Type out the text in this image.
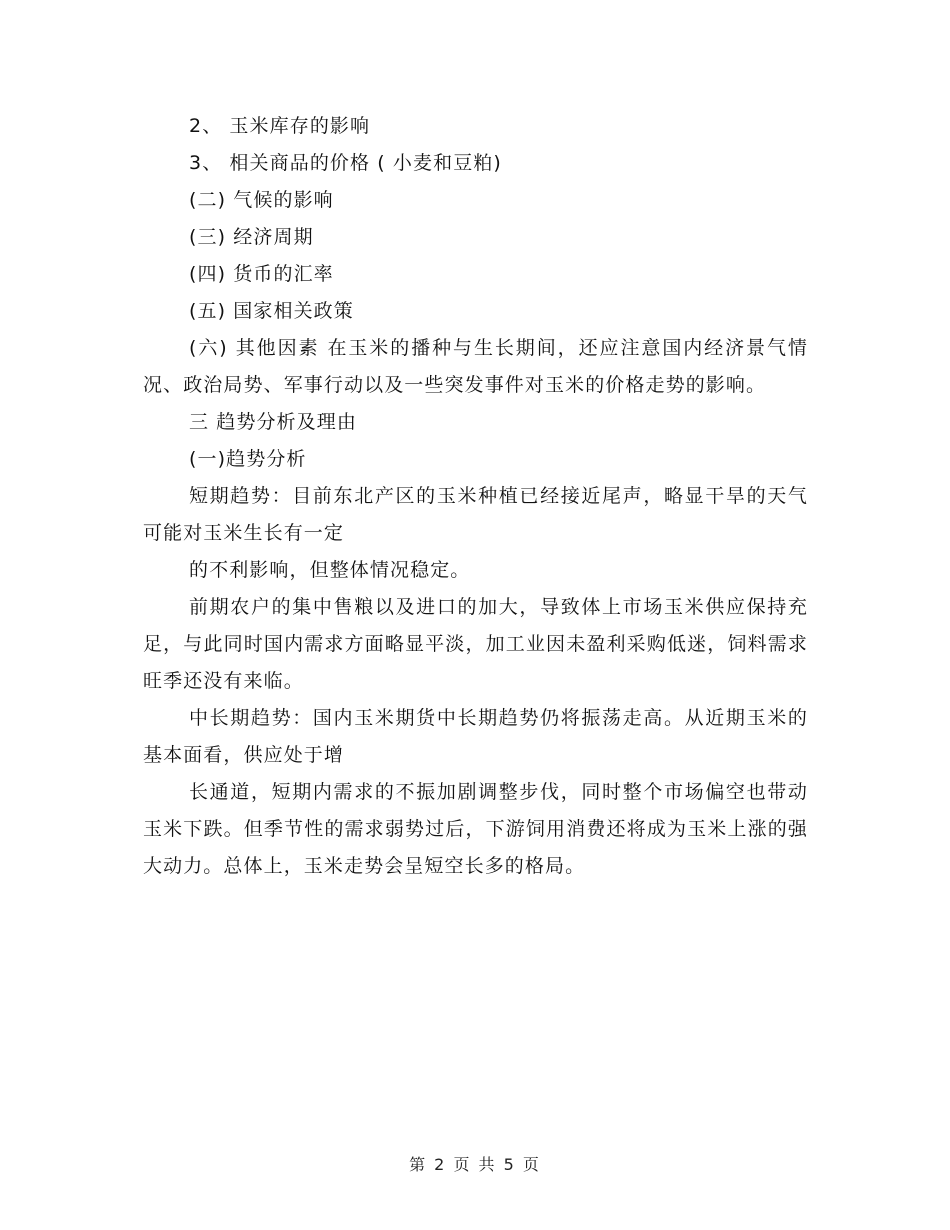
2、 玉米库存的影响

3、 相关商品的价格 ( 小麦和豆粕)

(二) 气候的影响

(三) 经济周期

(四) 货币的汇率

(五) 国家相关政策

(六) 其他因素 在玉米的播种与生长期间，还应注意国内经济景气情况、政治局势、军事行动以及一些突发事件对玉米的价格走势的影响。

三 趋势分析及理由

(一)趋势分析

短期趋势：目前东北产区的玉米种植已经接近尾声，略显干旱的天气可能对玉米生长有一定

的不利影响，但整体情况稳定。

前期农户的集中售粮以及进口的加大，导致体上市场玉米供应保持充足，与此同时国内需求方面略显平淡，加工业因未盈利采购低迷，饲料需求旺季还没有来临。

中长期趋势：国内玉米期货中长期趋势仍将振荡走高。从近期玉米的基本面看，供应处于增

长通道，短期内需求的不振加剧调整步伐，同时整个市场偏空也带动玉米下跌。但季节性的需求弱势过后，下游饲用消费还将成为玉米上涨的强大动力。总体上，玉米走势会呈短空长多的格局。

第 2 页 共 5 页
